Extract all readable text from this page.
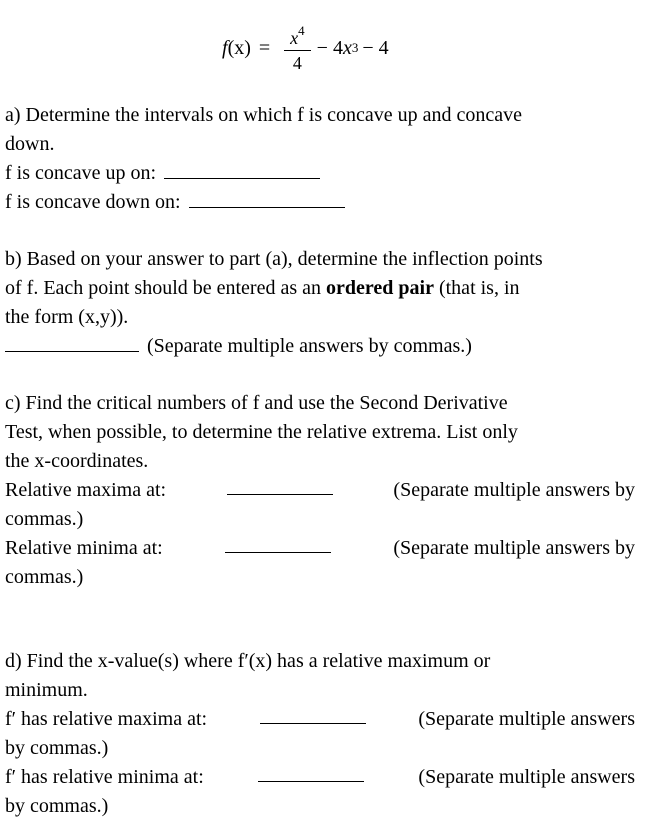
f $(x) = \frac{x^4}{4} - 4$ x 3 − 4
a) Determine the intervals on which f is concave up and concave
down.
f is concave up on:
f is concave down on:
b) Based on your answer to part (a), determine the inflection points
of f. Each point should be entered as an ordered pair (that is, in
the form (x,y)).
(Separate multiple answers by commas.)
c) Find the critical numbers of f and use the Second Derivative
Test, when possible, to determine the relative extrema. List only
the x-coordinates.
Relative maxima at:	(Separate multiple answers by
commas.)
Relative minima at:	(Separate multiple answers by
commas.)
d) Find the x-value(s) where f′(x) has a relative maximum or
minimum.
f′ has relative maxima at:	(Separate multiple answers
by commas.)
f′ has relative minima at:	(Separate multiple answers
by commas.)
